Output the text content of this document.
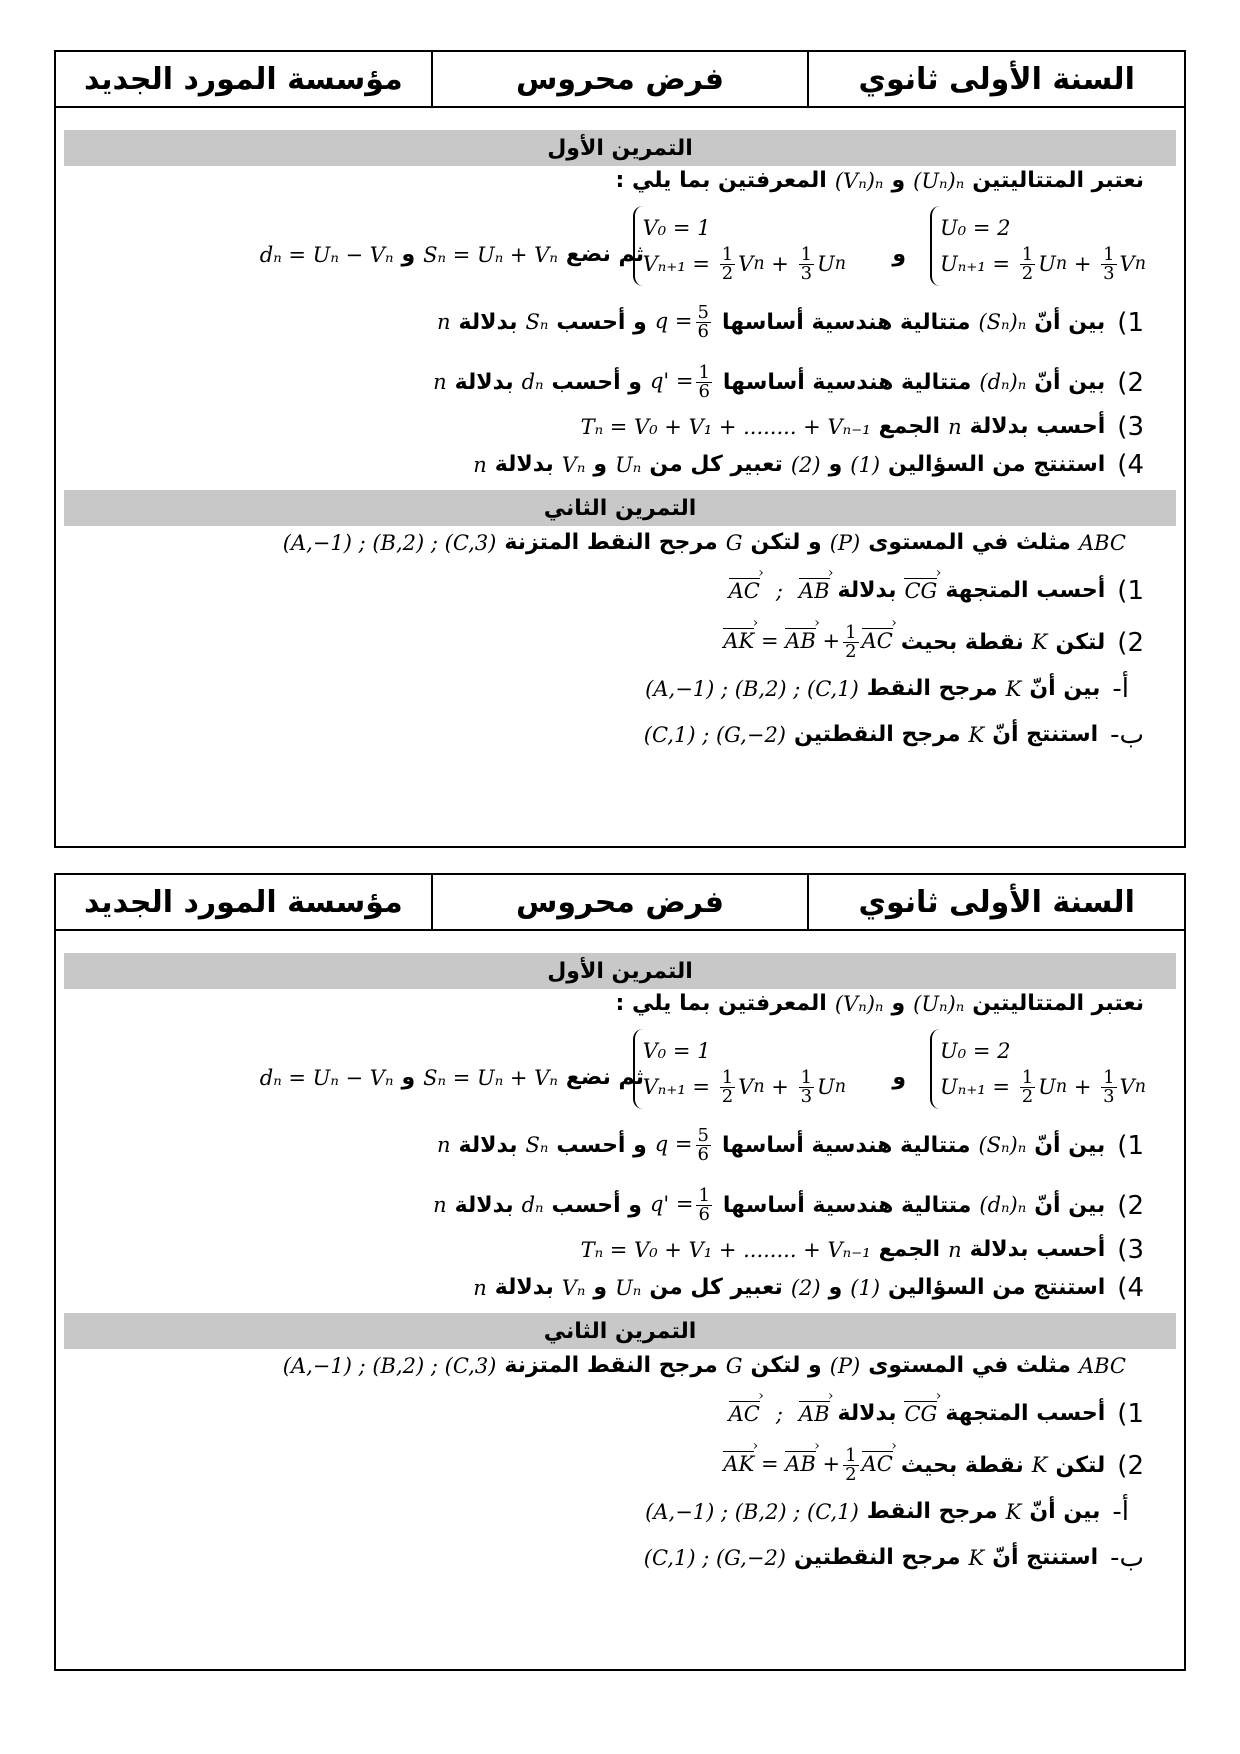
السنة الأولى ثانوي
فرض محروس
مؤسسة المورد الجديد
التمرين الأول
نعتبر المتتاليتين
(Uₙ)ₙ
و
(Vₙ)ₙ
المعرفتين بما يلي :
U₀ = 2
Uₙ₊₁ =
$\frac{1}{2}$ U $n + \frac{1}{3}$ V n
و
V₀ = 1
Vₙ₊₁ =
$\frac{1}{2}$ V $n + \frac{1}{3}$ U n
ثم نضع
Sₙ = Uₙ + Vₙ
و
dₙ = Uₙ − Vₙ
1)
بين أنّ
(Sₙ)ₙ
متتالية هندسية أساسها
$q = \frac{5}{6}$
و أحسب
Sₙ
بدلالة
n
2)
بين أنّ
(dₙ)ₙ
متتالية هندسية أساسها
$q' = \frac{1}{6}$
و أحسب
dₙ
بدلالة
n
3)
أحسب بدلالة
n
الجمع
Tₙ = V₀ + V₁ + ........ + Vₙ₋₁
4)
استنتج من السؤالين
(1)
و
(2)
تعبير كل من
Uₙ
و
Vₙ
بدلالة
n
التمرين الثاني
ABC
مثلث في المستوى
(P)
و لتكن
G
مرجح النقط المتزنة
(A,−1) ; (B,2) ; (C,3)
1)
أحسب المتجهة
CG ›
بدلالة
AB ›
;
AC ›
2)
لتكن
K
نقطة بحيث
AK › = AB › + $\frac{1}{2}$ AC ›
أ-
بين أنّ
K
مرجح النقط
(A,−1) ; (B,2) ; (C,1)
ب-
استنتج أنّ
K
مرجح النقطتين
(C,1) ; (G,−2)
السنة الأولى ثانوي
فرض محروس
مؤسسة المورد الجديد
التمرين الأول
نعتبر المتتاليتين
(Uₙ)ₙ
و
(Vₙ)ₙ
المعرفتين بما يلي :
U₀ = 2
Uₙ₊₁ =
$\frac{1}{2}$ U $n + \frac{1}{3}$ V n
و
V₀ = 1
Vₙ₊₁ =
$\frac{1}{2}$ V $n + \frac{1}{3}$ U n
ثم نضع
Sₙ = Uₙ + Vₙ
و
dₙ = Uₙ − Vₙ
1)
بين أنّ
(Sₙ)ₙ
متتالية هندسية أساسها
$q = \frac{5}{6}$
و أحسب
Sₙ
بدلالة
n
2)
بين أنّ
(dₙ)ₙ
متتالية هندسية أساسها
$q' = \frac{1}{6}$
و أحسب
dₙ
بدلالة
n
3)
أحسب بدلالة
n
الجمع
Tₙ = V₀ + V₁ + ........ + Vₙ₋₁
4)
استنتج من السؤالين
(1)
و
(2)
تعبير كل من
Uₙ
و
Vₙ
بدلالة
n
التمرين الثاني
ABC
مثلث في المستوى
(P)
و لتكن
G
مرجح النقط المتزنة
(A,−1) ; (B,2) ; (C,3)
1)
أحسب المتجهة
CG ›
بدلالة
AB ›
;
AC ›
2)
لتكن
K
نقطة بحيث
AK › = AB › + $\frac{1}{2}$ AC ›
أ-
بين أنّ
K
مرجح النقط
(A,−1) ; (B,2) ; (C,1)
ب-
استنتج أنّ
K
مرجح النقطتين
(C,1) ; (G,−2)
